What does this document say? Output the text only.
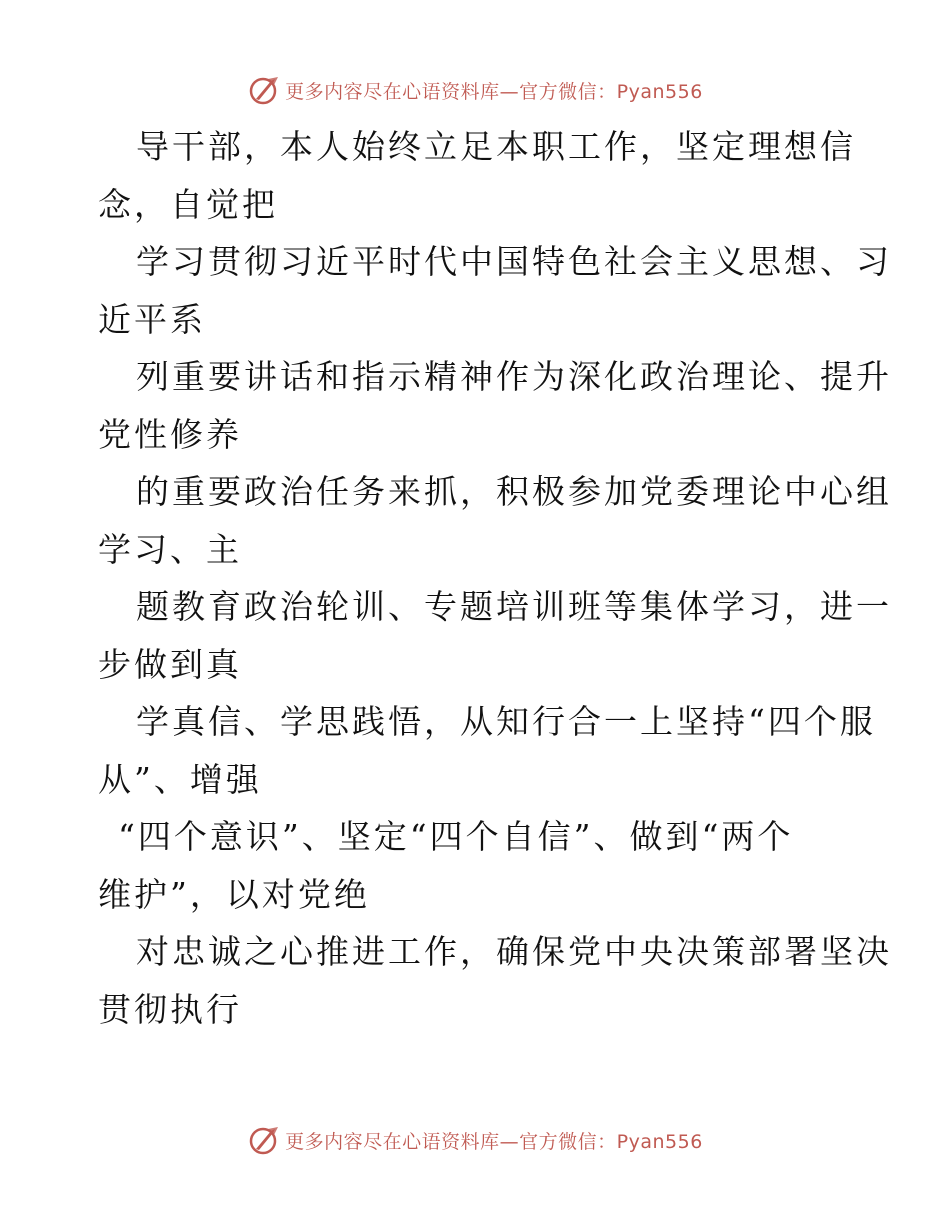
更多内容尽在心语资料库—官方微信：Pyan556
导干部，本人始终立足本职工作，坚定理想信
念，自觉把
学习贯彻习近平时代中国特色社会主义思想、习
近平系
列重要讲话和指示精神作为深化政治理论、提升
党性修养
的重要政治任务来抓，积极参加党委理论中心组
学习、主
题教育政治轮训、专题培训班等集体学习，进一
步做到真
学真信、学思践悟，从知行合一上坚持“四个服
从”、增强
“四个意识”、坚定“四个自信”、做到“两个
维护”，以对党绝
对忠诚之心推进工作，确保党中央决策部署坚决
贯彻执行
更多内容尽在心语资料库—官方微信：Pyan556
